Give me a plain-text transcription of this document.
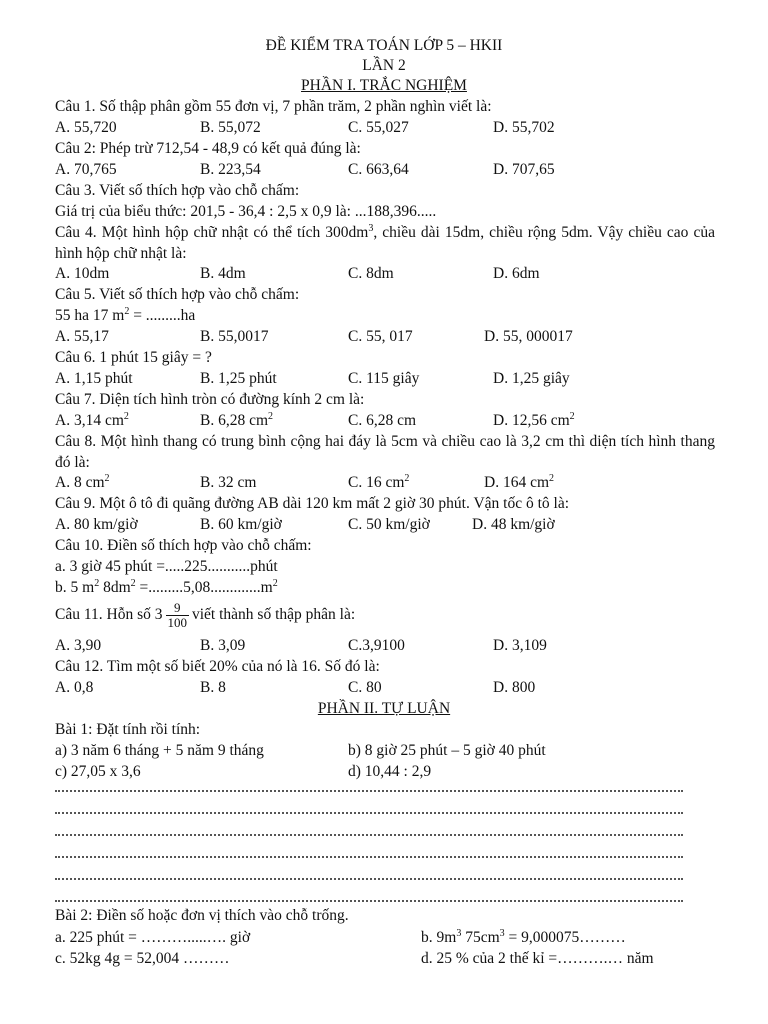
ĐỀ KIỂM TRA TOÁN LỚP 5 – HKII
LẦN 2
PHẦN I. TRẮC NGHIỆM
Câu 1. Số thập phân gồm 55 đơn vị, 7 phần trăm, 2 phần nghìn viết là:
A. 55,720	B. 55,072	C. 55,027	D. 55,702
Câu 2: Phép trừ 712,54 - 48,9 có kết quả đúng là:
A. 70,765	B. 223,54	C. 663,64	D. 707,65
Câu 3. Viết số thích hợp vào chỗ chấm:
Giá trị của biểu thức: 201,5 - 36,4 : 2,5 x 0,9 là: ...188,396.....
Câu 4. Một hình hộp chữ nhật có thể tích $300dm^3$, chiều dài 15dm, chiều rộng 5dm. Vậy chiều cao của hình hộp chữ nhật là:
A. 10dm	B. 4dm	C. 8dm	D. 6dm
Câu 5. Viết số thích hợp vào chỗ chấm:
55 ha 17 $m^2 = .........ha$
A. 55,17	B. 55,0017	C. 55, 017	D. 55, 000017
Câu 6. 1 phút 15 giây = ?
A. 1,15 phút	B. 1,25 phút	C. 115 giây	D. 1,25 giây
Câu 7. Diện tích hình tròn có đường kính 2 cm là:
A. 3,14 $cm^2$	B. 6,28 $cm^2$	C. 6,28 cm	D. 12,56 $cm^2$
Câu 8. Một hình thang có trung bình cộng hai đáy là 5cm và chiều cao là 3,2 cm thì diện tích hình thang đó là:
A. 8 $cm^2$	B. 32 cm	C. 16 $cm^2$	D. 164 $cm^2$
Câu 9. Một ô tô đi quãng đường AB dài 120 km mất 2 giờ 30 phút. Vận tốc ô tô là:
A. 80 km/giờ	B. 60 km/giờ	C. 50 km/giờ	D. 48 km/giờ
Câu 10. Điền số thích hợp vào chỗ chấm:
a. 3 giờ 45 phút =.....225...........phút
b. 5 $m^2$ $8dm^2 =.........5,08.............m^2$
Câu 11. Hỗn số $3 \frac{9}{100}$ viết thành số thập phân là:
A. 3,90	B. 3,09	C.3,9100	D. 3,109
Câu 12. Tìm một số biết 20% của nó là 16. Số đó là:
A. 0,8	B. 8	C. 80	D. 800
PHẦN II. TỰ LUẬN
Bài 1: Đặt tính rồi tính:
a) 3 năm 6 tháng + 5 năm 9 tháng	b) 8 giờ 25 phút – 5 giờ 40 phút
c) 27,05 x 3,6	d) 10,44 : 2,9
Bài 2: Điền số hoặc đơn vị thích vào chỗ trống.
a. 225 phút = ……….....…. giờ	b. $9m^3$ $75cm^3$ = 9,000075………
c. 52kg 4g = 52,004 ………	d. 25 % của 2 thế kỉ =……….… năm
